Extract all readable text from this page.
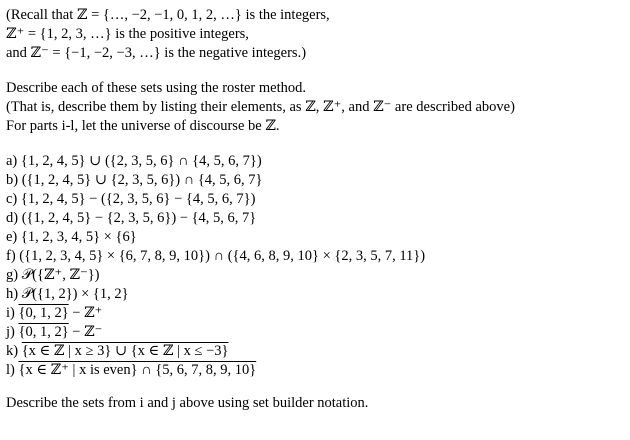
(Recall that ℤ = {…, −2, −1, 0, 1, 2, …} is the integers,
ℤ⁺ = {1, 2, 3, …} is the positive integers,
and ℤ⁻ = {−1, −2, −3, …} is the negative integers.)
Describe each of these sets using the roster method.
(That is, describe them by listing their elements, as ℤ, ℤ⁺, and ℤ⁻ are described above)
For parts i-l, let the universe of discourse be ℤ.
a) {1, 2, 4, 5} ∪ ({2, 3, 5, 6} ∩ {4, 5, 6, 7})
b) ({1, 2, 4, 5} ∪ {2, 3, 5, 6}) ∩ {4, 5, 6, 7}
c) {1, 2, 4, 5} − ({2, 3, 5, 6} − {4, 5, 6, 7})
d) ({1, 2, 4, 5} − {2, 3, 5, 6}) − {4, 5, 6, 7}
e) {1, 2, 3, 4, 5} × {6}
f) ({1, 2, 3, 4, 5} × {6, 7, 8, 9, 10}) ∩ ({4, 6, 8, 9, 10} × {2, 3, 5, 7, 11})
g) 𝒫({ℤ⁺, ℤ⁻})
h) 𝒫({1, 2}) × {1, 2}
i) {0, 1, 2} − ℤ⁺
j) {0, 1, 2} − ℤ⁻
k) {x ∈ ℤ | x ≥ 3} ∪ {x ∈ ℤ | x ≤ −3}
l) {x ∈ ℤ⁺ | x is even} ∩ {5, 6, 7, 8, 9, 10}
Describe the sets from i and j above using set builder notation.
